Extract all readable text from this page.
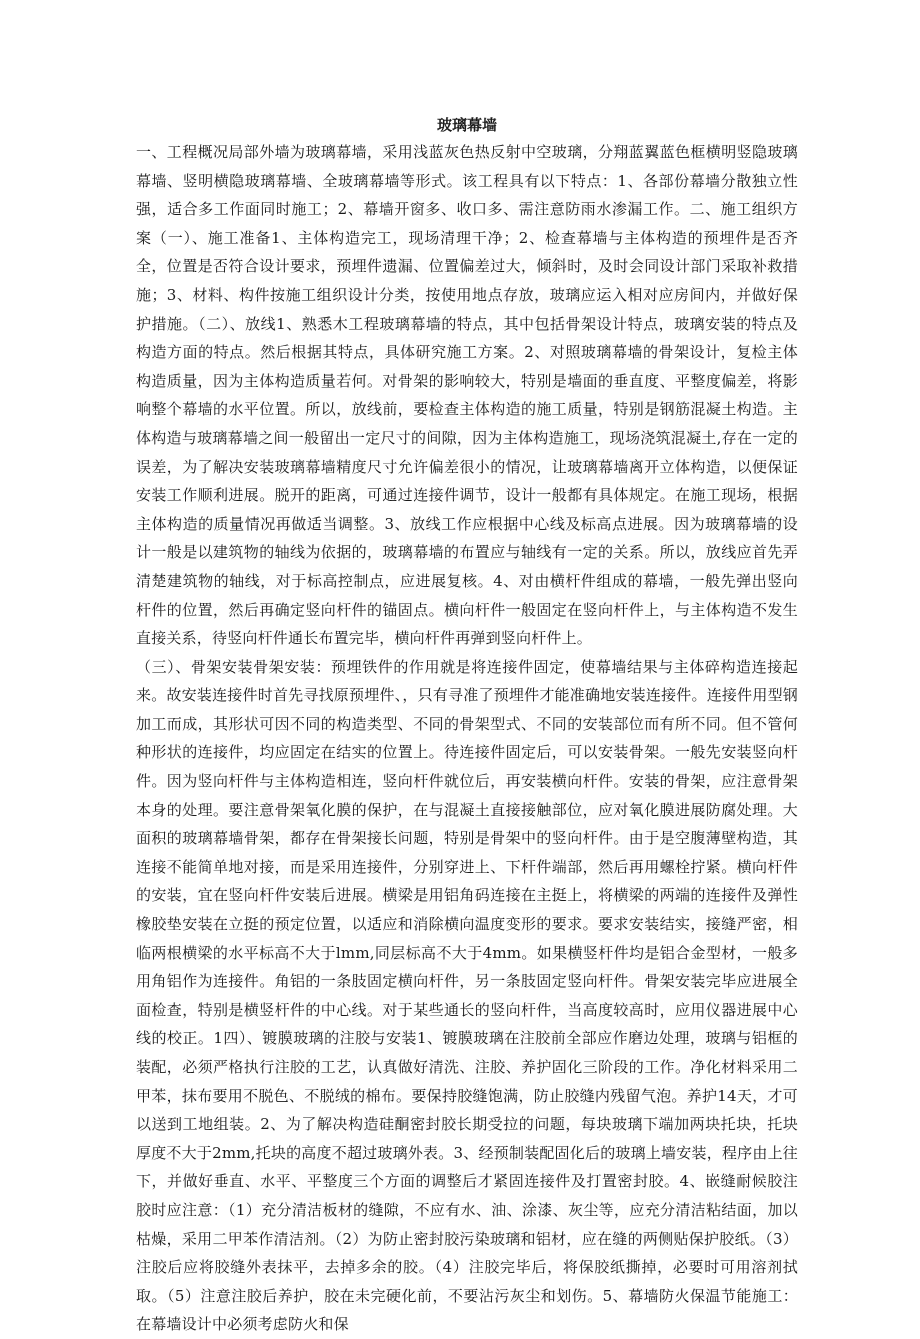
玻璃幕墙

一、工程概况局部外墙为玻璃幕墙，采用浅蓝灰色热反射中空玻璃，分翔蓝翼蓝色框横明竖隐玻璃幕墙、竖明横隐玻璃幕墙、全玻璃幕墙等形式。该工程具有以下特点：1、各部份幕墙分散独立性强，适合多工作面同时施工；2、幕墙开窗多、收口多、需注意防雨水渗漏工作。二、施工组织方案（一）、施工准备1、主体构造完工，现场清理干净；2、检查幕墙与主体构造的预埋件是否齐全，位置是否符合设计要求，预埋件遗漏、位置偏差过大，倾斜时，及时会同设计部门采取补救措施；3、材料、构件按施工组织设计分类，按使用地点存放，玻璃应运入相对应房间内，并做好保护措施。（二）、放线1、熟悉木工程玻璃幕墙的特点，其中包括骨架设计特点，玻璃安装的特点及构造方面的特点。然后根据其特点，具体研究施工方案。2、对照玻璃幕墙的骨架设计，复检主体构造质量，因为主体构造质量若何。对骨架的影响较大，特别是墙面的垂直度、平整度偏差，将影响整个幕墙的水平位置。所以，放线前，要检查主体构造的施工质量，特别是钢筋混凝土构造。主体构造与玻璃幕墙之间一般留出一定尺寸的间隙，因为主体构造施工，现场浇筑混凝土,存在一定的误差，为了解决安装玻璃幕墙精度尺寸允许偏差很小的情况，让玻璃幕墙离开立体构造，以便保证安装工作顺利进展。脱开的距离，可通过连接件调节，设计一般都有具体规定。在施工现场，根据主体构造的质量情况再做适当调整。3、放线工作应根据中心线及标高点进展。因为玻璃幕墙的设计一般是以建筑物的轴线为依据的，玻璃幕墙的布置应与轴线有一定的关系。所以，放线应首先弄清楚建筑物的轴线，对于标高控制点，应进展复核。4、对由横杆件组成的幕墙，一般先弹出竖向杆件的位置，然后再确定竖向杆件的锚固点。横向杆件一般固定在竖向杆件上，与主体构造不发生直接关系，待竖向杆件通长布置完毕，横向杆件再弹到竖向杆件上。

（三）、骨架安装骨架安装：预埋铁件的作用就是将连接件固定，使幕墙结果与主体碎构造连接起来。故安装连接件时首先寻找原预埋件、，只有寻准了预埋件才能准确地安装连接件。连接件用型钢加工而成，其形状可因不同的构造类型、不同的骨架型式、不同的安装部位而有所不同。但不管何种形状的连接件，均应固定在结实的位置上。待连接件固定后，可以安装骨架。一般先安装竖向杆件。因为竖向杆件与主体构造相连，竖向杆件就位后，再安装横向杆件。安装的骨架，应注意骨架本身的处理。要注意骨架氧化膜的保护，在与混凝土直接接触部位，应对氧化膜进展防腐处理。大面积的玻璃幕墙骨架，都存在骨架接长问题，特别是骨架中的竖向杆件。由于是空腹薄壁构造，其连接不能简单地对接，而是采用连接件，分别穿进上、下杆件端部，然后再用螺栓拧紧。横向杆件的安装，宜在竖向杆件安装后进展。横梁是用铝角码连接在主挺上，将横梁的两端的连接件及弹性橡胶垫安装在立挺的预定位置，以适应和消除横向温度变形的要求。要求安装结实，接缝严密，相临两根横梁的水平标高不大于lmm,同层标高不大于4mm。如果横竖杆件均是铝合金型材，一般多用角铝作为连接件。角铝的一条肢固定横向杆件，另一条肢固定竖向杆件。骨架安装完毕应进展全面检查，特别是横竖杆件的中心线。对于某些通长的竖向杆件，当高度较高时，应用仪器进展中心线的校正。1四）、镀膜玻璃的注胶与安装1、镀膜玻璃在注胶前全部应作磨边处理，玻璃与铝框的装配，必须严格执行注胶的工艺，认真做好清洗、注胶、养护固化三阶段的工作。净化材料采用二甲苯，抹布要用不脱色、不脱绒的棉布。要保持胶缝饱满，防止胶缝内残留气泡。养护14天，才可以送到工地组装。2、为了解决构造硅酮密封胶长期受拉的问题，每块玻璃下端加两块托块，托块厚度不大于2mm,托块的高度不超过玻璃外表。3、经预制装配固化后的玻璃上墙安装，程序由上往下，并做好垂直、水平、平整度三个方面的调整后才紧固连接件及打置密封胶。4、嵌缝耐候胶注胶时应注意：（1）充分清洁板材的缝隙，不应有水、油、涂漆、灰尘等，应充分清洁粘结面，加以枯燥，采用二甲苯作清洁剂。（2）为防止密封胶污染玻璃和铝材，应在缝的两侧贴保护胶纸。（3）注胶后应将胶缝外表抹平，去掉多余的胶。（4）注胶完毕后，将保胶纸撕掉，必要时可用溶剂拭取。（5）注意注胶后养护，胶在未完硬化前，不要沾污灰尘和划伤。5、幕墙防火保温节能施工：在幕墙设计中必须考虑防火和保
